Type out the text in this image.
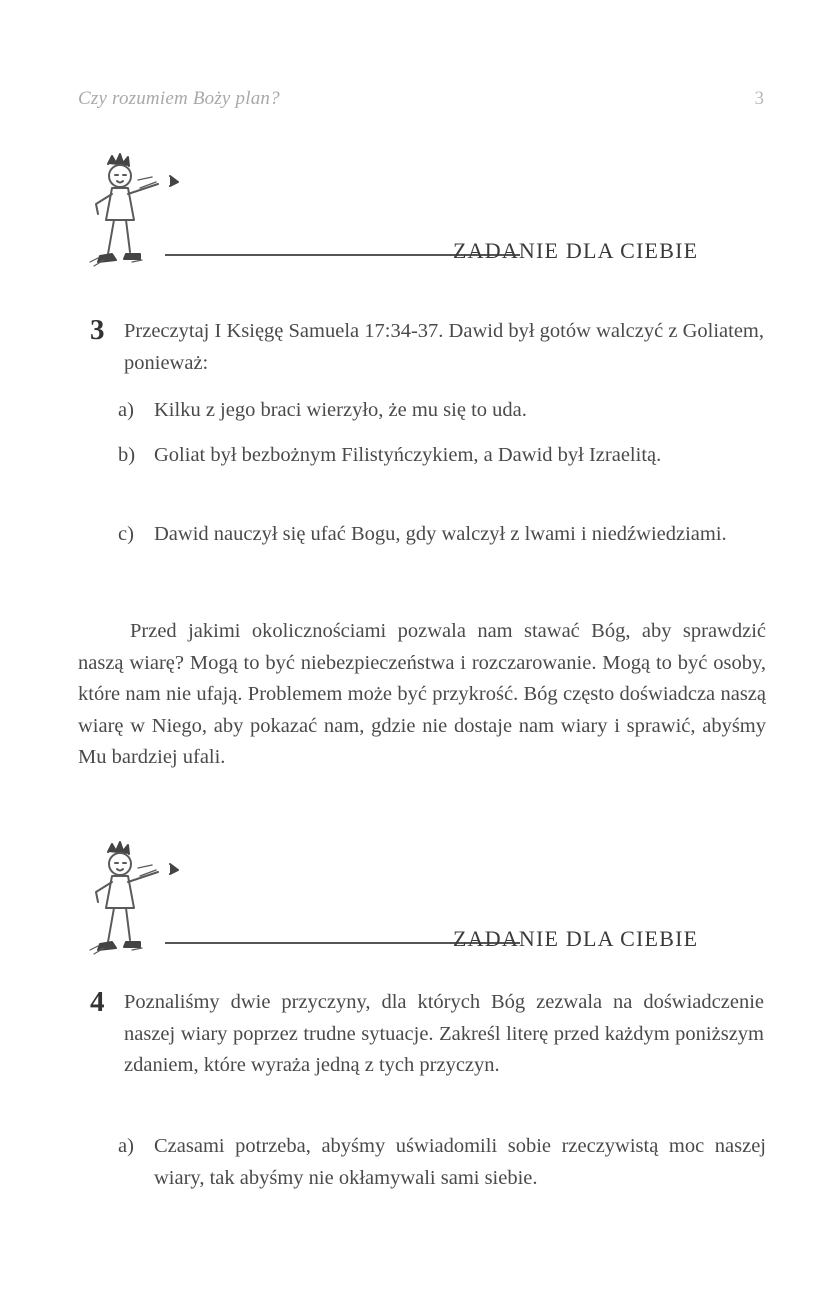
Czy rozumiem Boży plan?	3
ZADANIE DLA CIEBIE
3 Przeczytaj I Księgę Samuela 17:34-37. Dawid był gotów walczyć z Goliatem, ponieważ:

a) Kilku z jego braci wierzyło, że mu się to uda.

b) Goliat był bezbożnym Filistyńczykiem, a Dawid był Izraelitą.

c) Dawid nauczył się ufać Bogu, gdy walczył z lwami i niedźwiedziami.

Przed jakimi okolicznościami pozwala nam stawać Bóg, aby sprawdzić naszą wiarę? Mogą to być niebezpieczeństwa i rozczarowanie. Mogą to być osoby, które nam nie ufają. Problemem może być przykrość. Bóg często doświadcza naszą wiarę w Niego, aby pokazać nam, gdzie nie dostaje nam wiary i sprawić, abyśmy Mu bardziej ufali.

ZADANIE DLA CIEBIE
4 Poznaliśmy dwie przyczyny, dla których Bóg zezwala na doświadczenie naszej wiary poprzez trudne sytuacje. Zakreśl literę przed każdym poniższym zdaniem, które wyraża jedną z tych przyczyn.

a) Czasami potrzeba, abyśmy uświadomili sobie rzeczywistą moc naszej wiary, tak abyśmy nie okłamywali sami siebie.
